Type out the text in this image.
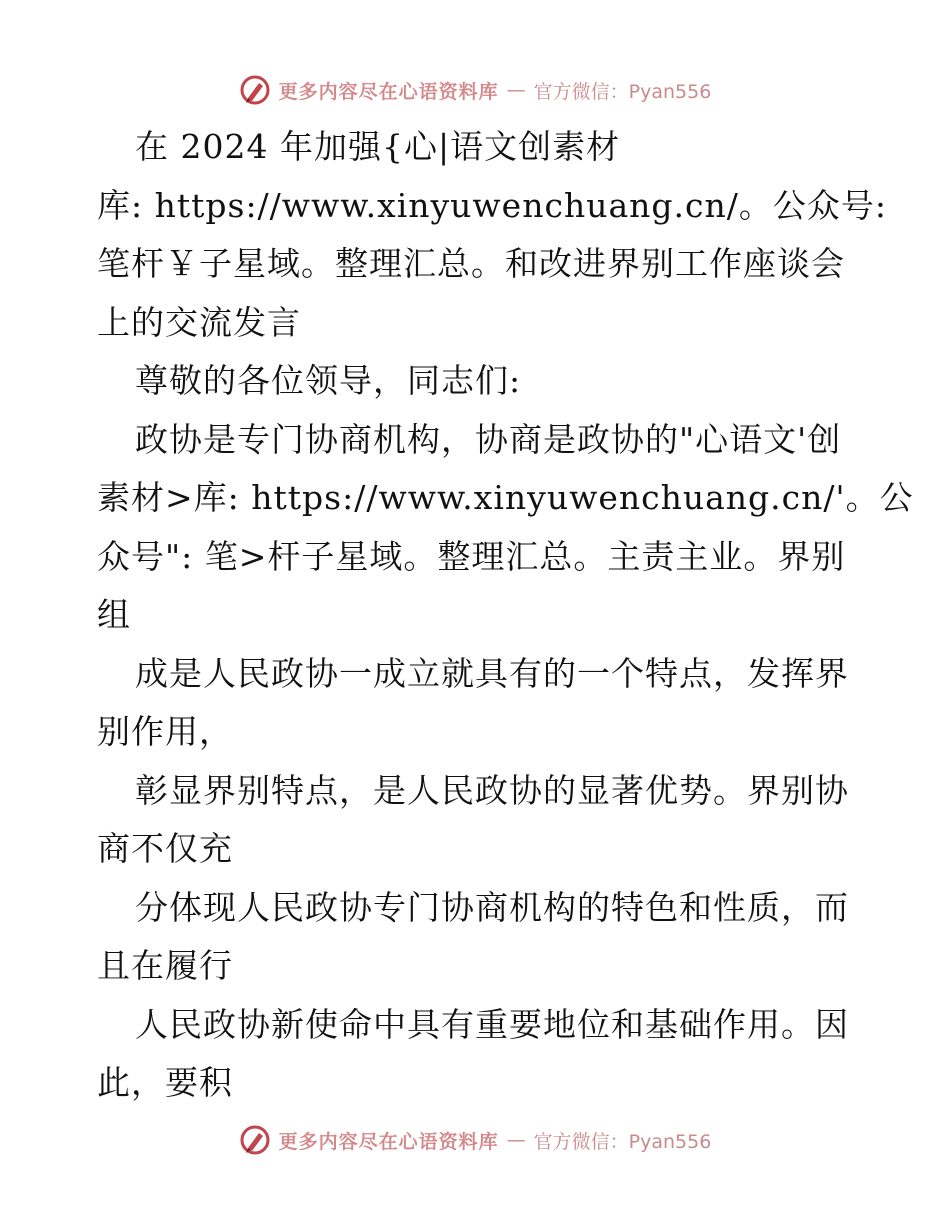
更多内容尽在心语资料库 — 官方微信：Pyan556
在 2024 年加强{心|语文创素材
库: https://www.xinyuwenchuang.cn/。公众号:
笔杆￥子星域。整理汇总。和改进界别工作座谈会
上的交流发言
尊敬的各位领导，同志们:
政协是专门协商机构，协商是政协的"心语文'创
素材>库: https://www.xinyuwenchuang.cn/'。公
众号": 笔>杆子星域。整理汇总。主责主业。界别
组
成是人民政协一成立就具有的一个特点，发挥界
别作用，
彰显界别特点，是人民政协的显著优势。界别协
商不仅充
分体现人民政协专门协商机构的特色和性质，而
且在履行
人民政协新使命中具有重要地位和基础作用。因
此，要积
更多内容尽在心语资料库 — 官方微信：Pyan556
